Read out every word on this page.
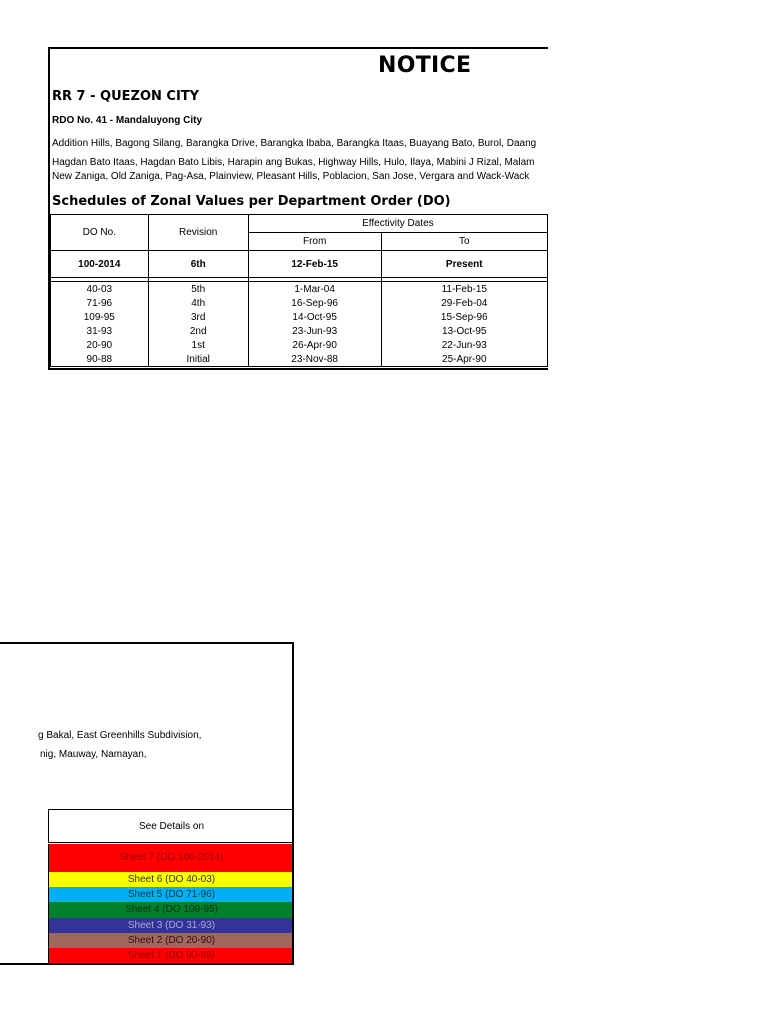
NOTICE
RR 7 - QUEZON CITY
RDO No. 41 - Mandaluyong City
Addition Hills, Bagong Silang, Barangka Drive, Barangka Ibaba, Barangka Itaas, Buayang Bato, Burol, Daang
Hagdan Bato Itaas, Hagdan Bato Libis, Harapin ang Bukas, Highway Hills, Hulo, Ilaya, Mabini J Rizal, Malam
New Zaniga, Old Zaniga, Pag-Asa, Plainview, Pleasant Hills, Poblacion, San Jose, Vergara and Wack-Wack
Schedules of Zonal Values per Department Order (DO)
DO No.	Revision	Effectivity Dates	
		From	To
100-2014	6th	12-Feb-15	Present

40-03	5th	1-Mar-04	11-Feb-15
71-96	4th	16-Sep-96	29-Feb-04
109-95	3rd	14-Oct-95	15-Sep-96
31-93	2nd	23-Jun-93	13-Oct-95
20-90	1st	26-Apr-90	22-Jun-93
90-88	Initial	23-Nov-88	25-Apr-90
g Bakal, East Greenhills Subdivision,
nig, Mauway, Namayan,
See Details on
Sheet 7 (DO 100-2014)
Sheet 6 (DO 40-03)
Sheet 5 (DO 71-96)
Sheet 4 (DO 109-95)
Sheet 3 (DO 31-93)
Sheet 2 (DO 20-90)
Sheet 1 (DO 90-88)
